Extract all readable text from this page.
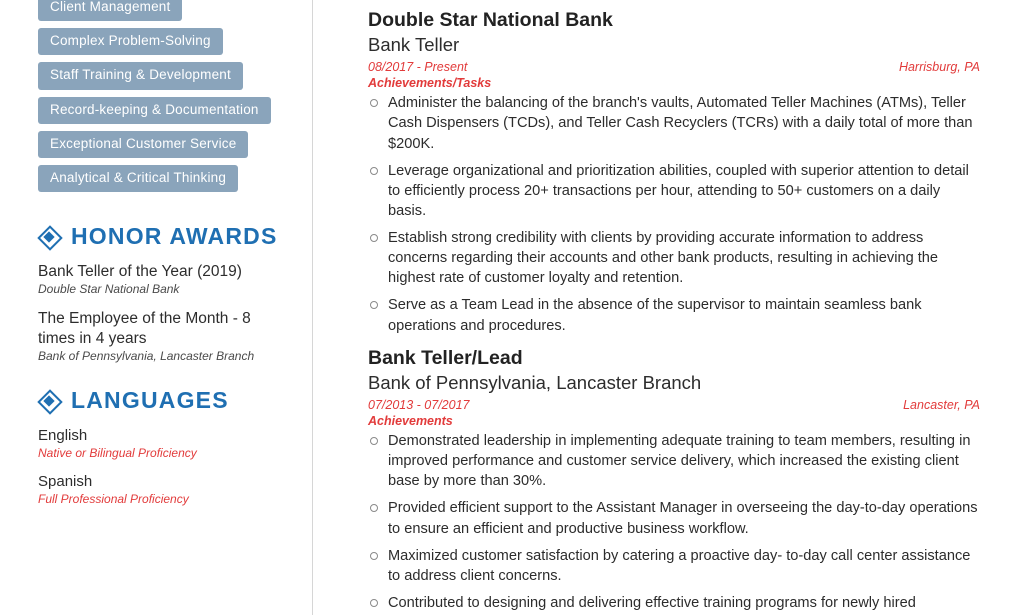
Client Management
Complex Problem-Solving
Staff Training & Development
Record-keeping & Documentation
Exceptional Customer Service
Analytical & Critical Thinking
HONOR AWARDS
Bank Teller of the Year (2019)
Double Star National Bank
The Employee of the Month - 8 times in 4 years
Bank of Pennsylvania, Lancaster Branch
LANGUAGES
English
Native or Bilingual Proficiency
Spanish
Full Professional Proficiency
Double Star National Bank
Bank Teller
08/2017 - Present	Harrisburg, PA
Achievements/Tasks
Administer the balancing of the branch's vaults, Automated Teller Machines (ATMs), Teller Cash Dispensers (TCDs), and Teller Cash Recyclers (TCRs) with a daily total of more than $200K.
Leverage organizational and prioritization abilities, coupled with superior attention to detail to efficiently process 20+ transactions per hour, attending to 50+ customers on a daily basis.
Establish strong credibility with clients by providing accurate information to address concerns regarding their accounts and other bank products, resulting in achieving the highest rate of customer loyalty and retention.
Serve as a Team Lead in the absence of the supervisor to maintain seamless bank operations and procedures.
Bank Teller/Lead
Bank of Pennsylvania, Lancaster Branch
07/2013 - 07/2017	Lancaster, PA
Achievements
Demonstrated leadership in implementing adequate training to team members, resulting in improved performance and customer service delivery, which increased the existing client base by more than 30%.
Provided efficient support to the Assistant Manager in overseeing the day-to-day operations to ensure an efficient and productive business workflow.
Maximized customer satisfaction by catering a proactive day- to-day call center assistance to address client concerns.
Contributed to designing and delivering effective training programs for newly hired
